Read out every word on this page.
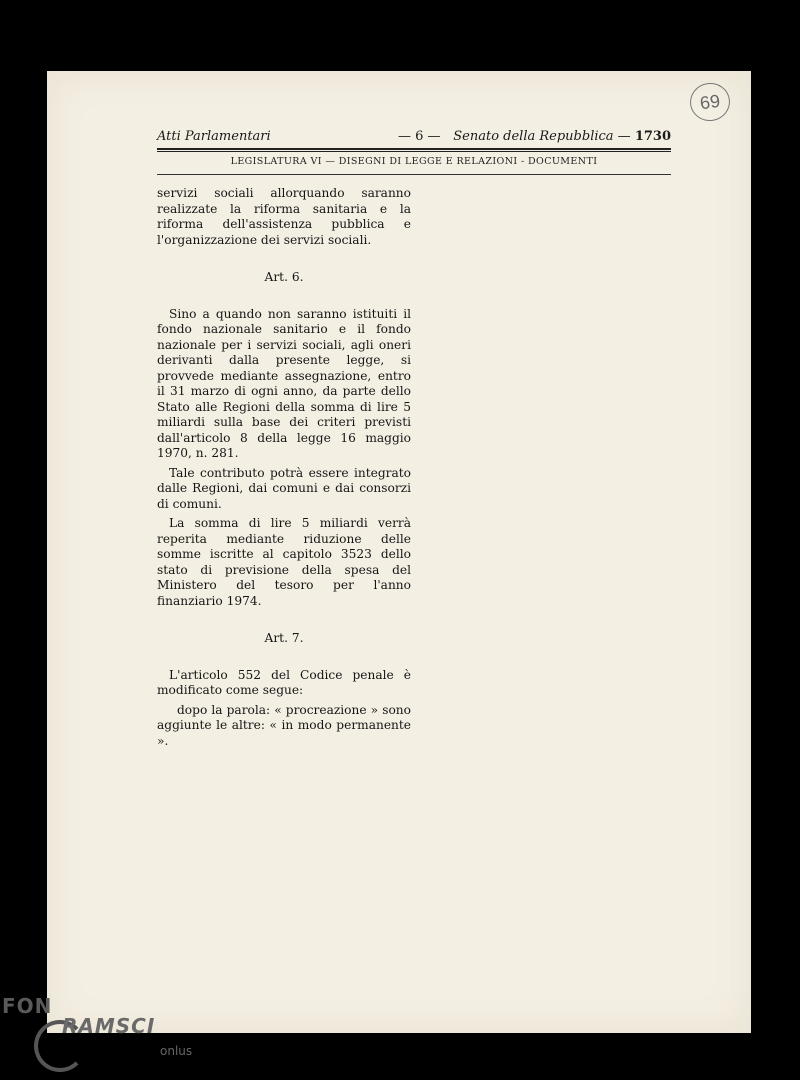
69
Atti Parlamentari	— 6 — Senato della Repubblica — 1730
LEGISLATURA VI — DISEGNI DI LEGGE E RELAZIONI - DOCUMENTI

servizi sociali allorquando saranno realizzate la riforma sanitaria e la riforma dell'assistenza pubblica e l'organizzazione dei servizi sociali.

Art. 6.

Sino a quando non saranno istituiti il fondo nazionale sanitario e il fondo nazionale per i servizi sociali, agli oneri derivanti dalla presente legge, si provvede mediante assegnazione, entro il 31 marzo di ogni anno, da parte dello Stato alle Regioni della somma di lire 5 miliardi sulla base dei criteri previsti dall'articolo 8 della legge 16 maggio 1970, n. 281.

Tale contributo potrà essere integrato dalle Regioni, dai comuni e dai consorzi di comuni.

La somma di lire 5 miliardi verrà reperita mediante riduzione delle somme iscritte al capitolo 3523 dello stato di previsione della spesa del Ministero del tesoro per l'anno finanziario 1974.

Art. 7.

L'articolo 552 del Codice penale è modificato come segue:

dopo la parola: « procreazione » sono aggiunte le altre: « in modo permanente ».

FON
RAMSCI
onlus
